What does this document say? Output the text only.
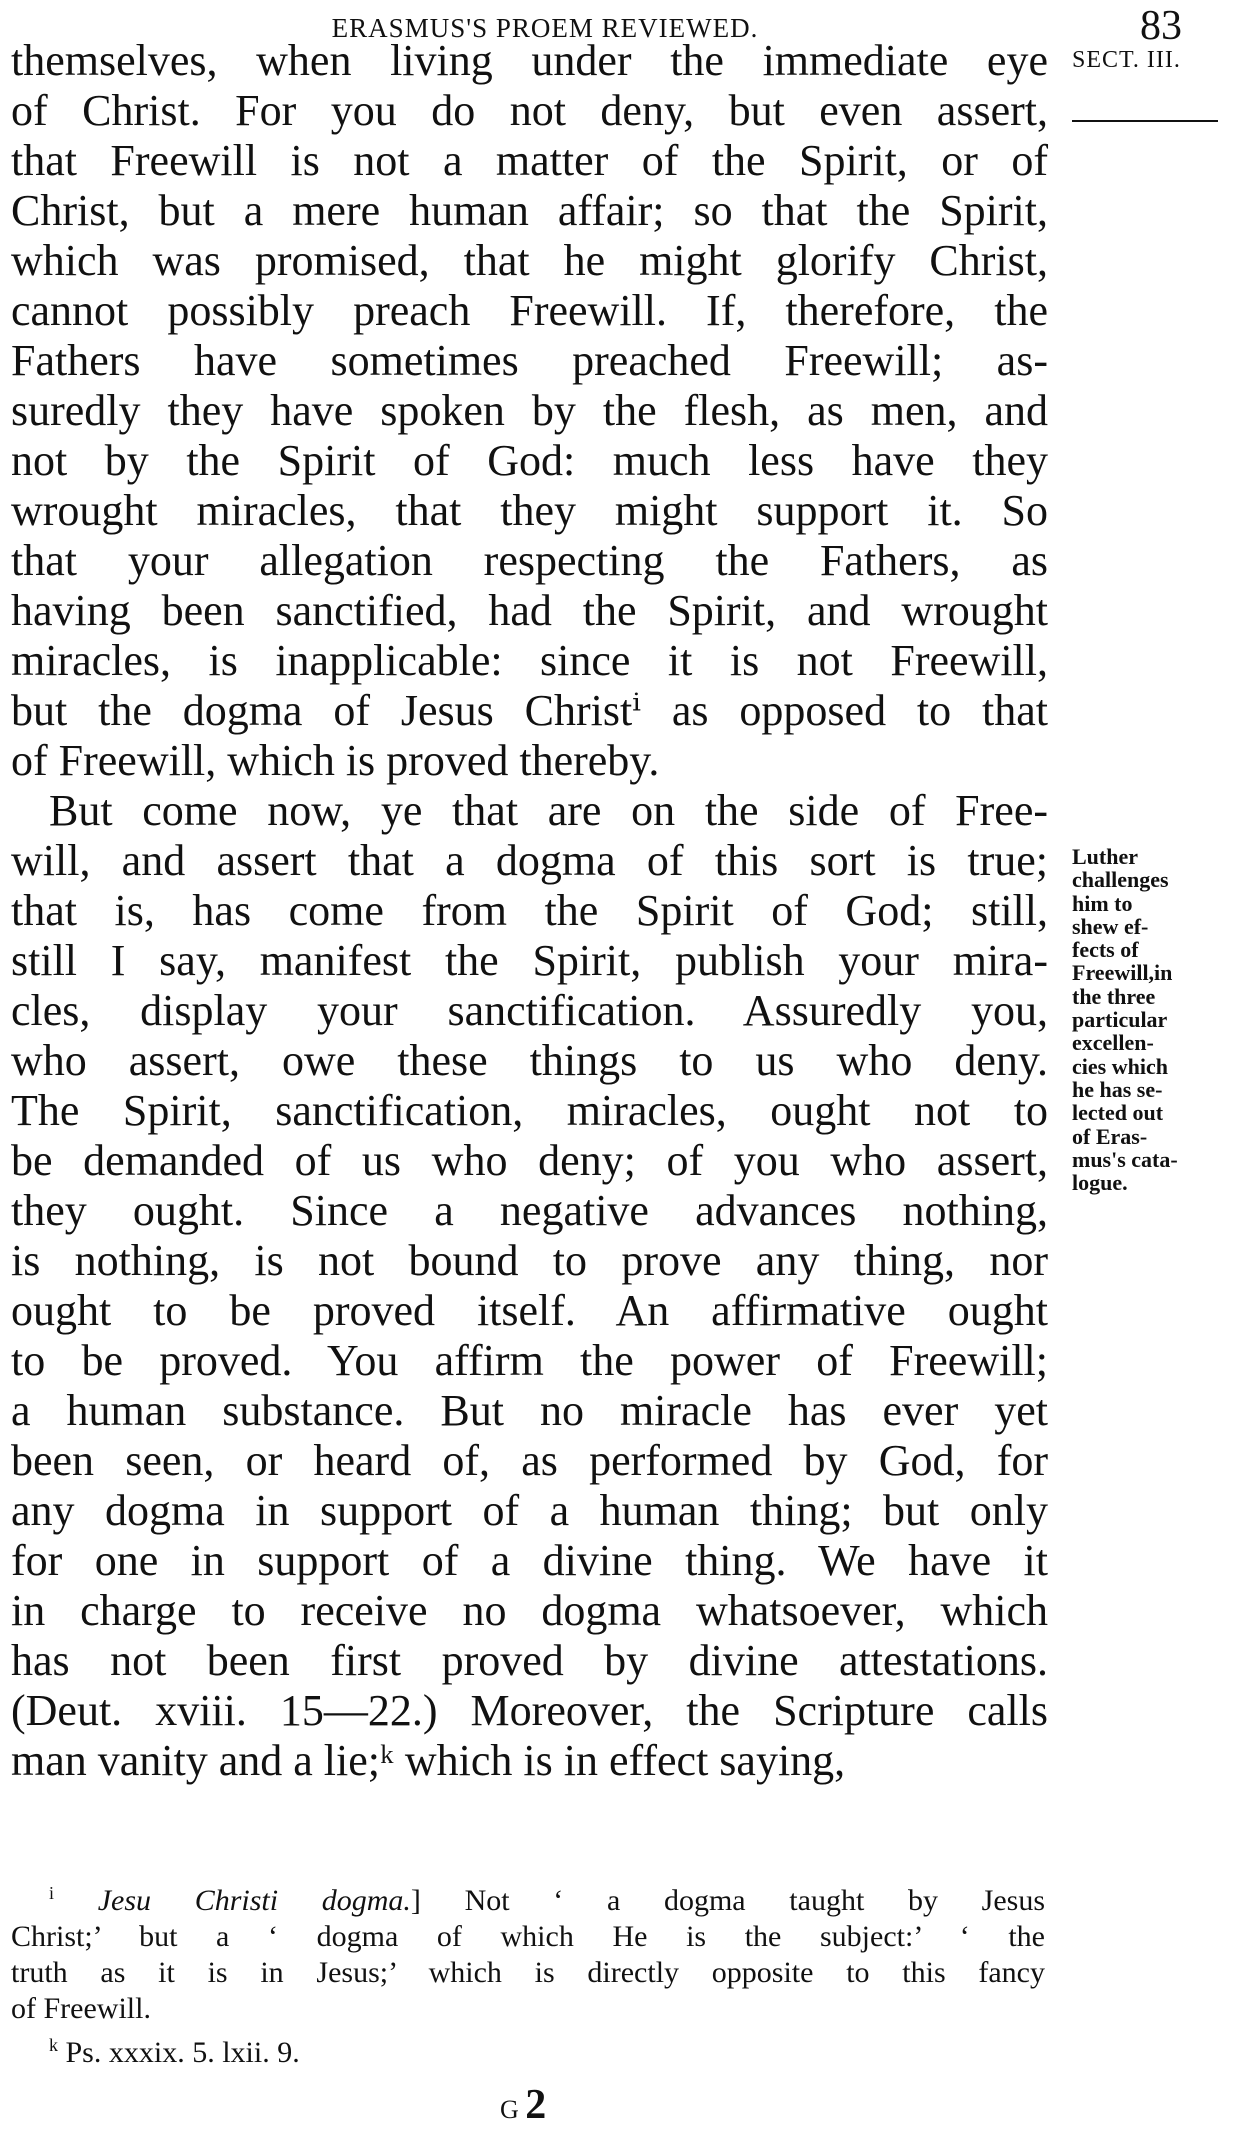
ERASMUS'S PROEM REVIEWED.	83
themselves, when living under the immediate eye
of Christ. For you do not deny, but even assert,
that Freewill is not a matter of the Spirit, or of
Christ, but a mere human affair; so that the Spirit,
which was promised, that he might glorify Christ,
cannot possibly preach Freewill. If, therefore, the
Fathers have sometimes preached Freewill; as-
suredly they have spoken by the flesh, as men, and
not by the Spirit of God: much less have they
wrought miracles, that they might support it. So
that your allegation respecting the Fathers, as
having been sanctified, had the Spirit, and wrought
miracles, is inapplicable: since it is not Freewill,
but the dogma of Jesus Christⁱ as opposed to that
of Freewill, which is proved thereby.
But come now, ye that are on the side of Free-
will, and assert that a dogma of this sort is true;
that is, has come from the Spirit of God; still,
still I say, manifest the Spirit, publish your mira-
cles, display your sanctification. Assuredly you,
who assert, owe these things to us who deny.
The Spirit, sanctification, miracles, ought not to
be demanded of us who deny; of you who assert,
they ought. Since a negative advances nothing,
is nothing, is not bound to prove any thing, nor
ought to be proved itself. An affirmative ought
to be proved. You affirm the power of Freewill;
a human substance. But no miracle has ever yet
been seen, or heard of, as performed by God, for
any dogma in support of a human thing; but only
for one in support of a divine thing. We have it
in charge to receive no dogma whatsoever, which
has not been first proved by divine attestations.
(Deut. xviii. 15—22.) Moreover, the Scripture calls
man vanity and a lie;ᵏ which is in effect saying,
SECT. III.
Luther
challenges
him to
shew ef-
fects of
Freewill,in
the three
particular
excellen-
cies which
he has se-
lected out
of Eras-
mus's cata-
logue.
$^i$ Jesu Christi dogma.] Not ‘ a dogma taught by Jesus
Christ;’ but a ‘ dogma of which He is the subject:’ ‘ the
truth as it is in Jesus;’ which is directly opposite to this fancy
of Freewill.
$^k$ Ps. xxxix. 5. lxii. 9.
G 2
